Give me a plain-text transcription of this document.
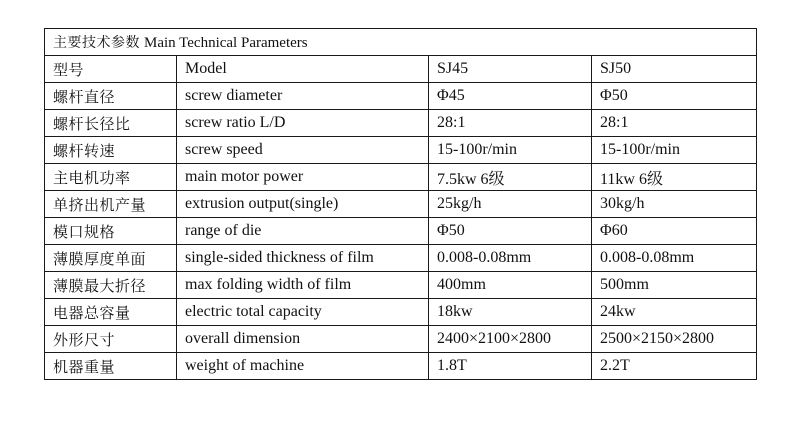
主要技术参数 Main Technical Parameters			
型号	Model	SJ45	SJ50
螺杆直径	screw diameter	Φ45	Φ50
螺杆长径比	screw ratio L/D	28:1	28:1
螺杆转速	screw speed	15-100r/min	15-100r/min
主电机功率	main motor power	7.5kw 6级	11kw 6级
单挤出机产量	extrusion output(single)	25kg/h	30kg/h
模口规格	range of die	Φ50	Φ60
薄膜厚度单面	single-sided thickness of film	0.008-0.08mm	0.008-0.08mm
薄膜最大折径	max folding width of film	400mm	500mm
电器总容量	electric total capacity	18kw	24kw
外形尺寸	overall dimension	2400×2100×2800	2500×2150×2800
机器重量	weight of machine	1.8T	2.2T
